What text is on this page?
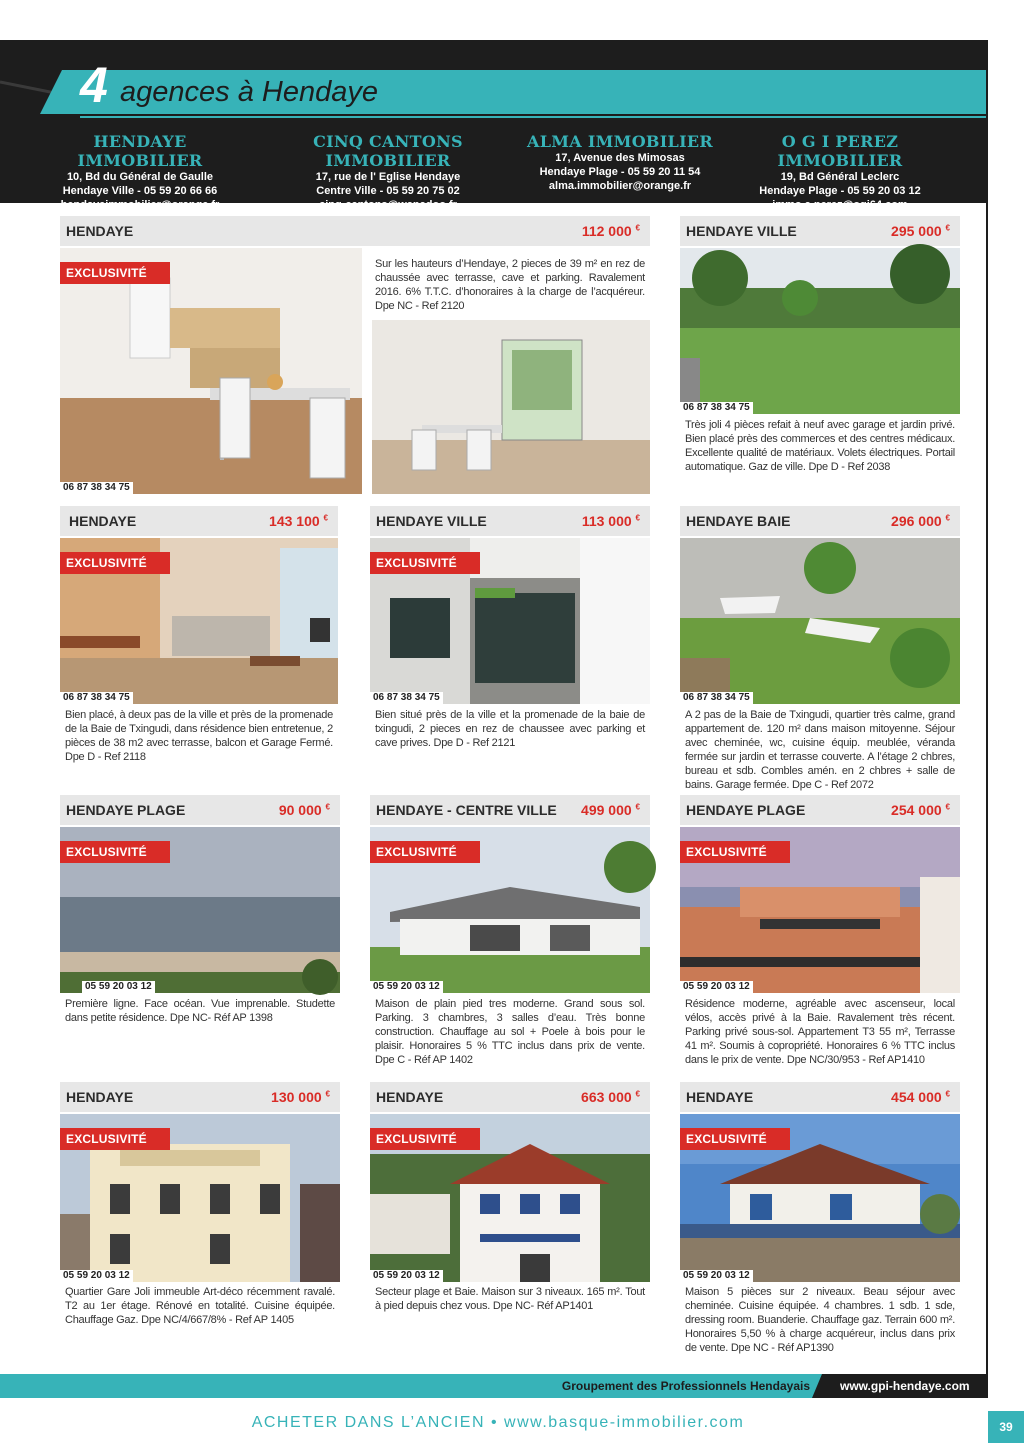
4 agences à Hendaye
HENDAYE IMMOBILIER
10, Bd du Général de Gaulle
Hendaye Ville - 05 59 20 66 66
hendayeimmobilier@orange.fr
CINQ CANTONS IMMOBILIER
17, rue de l' Eglise Hendaye
Centre Ville - 05 59 20 75 02
cinq-cantons@wanadoo.fr
ALMA IMMOBILIER
17, Avenue des Mimosas
Hendaye Plage - 05 59 20 11 54
alma.immobilier@orange.fr
O G I PEREZ IMMOBILIER
19, Bd Général Leclerc
Hendaye Plage - 05 59 20 03 12
immo.a.perez@ogi64.com
HENDAYE	112 000 €
EXCLUSIVITÉ
06 87 38 34 75
Sur les hauteurs d’Hendaye, 2 pieces de 39 m² en rez de chaussée avec terrasse, cave et parking. Ravalement 2016. 6% T.T.C. d’honoraires à la charge de l’acquéreur. Dpe NC - Ref 2120
HENDAYE VILLE	295 000 €
06 87 38 34 75
Très joli 4 pièces refait à neuf avec garage et jardin privé. Bien placé près des commerces et des centres médicaux. Excellente qualité de matériaux. Volets électriques. Portail automatique. Gaz de ville. Dpe D - Ref 2038
HENDAYE	143 100 €
EXCLUSIVITÉ
06 87 38 34 75
Bien placé, à deux pas de la ville et près de la promenade de la Baie de Txingudi, dans résidence bien entretenue, 2 pièces de 38 m2 avec terrasse, balcon et Garage Fermé. Dpe D - Ref 2118
HENDAYE VILLE	113 000 €
EXCLUSIVITÉ
06 87 38 34 75
Bien situé près de la ville et la promenade de la baie de txingudi, 2 pieces en rez de chaussee avec parking et cave prives. Dpe D - Ref 2121
HENDAYE BAIE	296 000 €
06 87 38 34 75
A 2 pas de la Baie de Txingudi, quartier très calme, grand appartement de. 120 m² dans maison mitoyenne. Séjour avec cheminée, wc, cuisine équip. meublée, véranda fermée sur jardin et terrasse couverte. A l’étage 2 chbres, bureau et sdb. Combles amén. en 2 chbres + salle de bains. Garage fermée. Dpe C - Ref 2072
HENDAYE PLAGE	90 000 €
EXCLUSIVITÉ
05 59 20 03 12
Première ligne. Face océan. Vue imprenable. Studette dans petite résidence. Dpe NC- Réf AP 1398
HENDAYE - CENTRE VILLE 499 000 €
EXCLUSIVITÉ
05 59 20 03 12
Maison de plain pied tres moderne. Grand sous sol. Parking. 3 chambres, 3 salles d’eau. Très bonne construction. Chauffage au sol + Poele à bois pour le plaisir. Honoraires 5 % TTC inclus dans prix de vente. Dpe C - Réf AP 1402
HENDAYE PLAGE	254 000 €
EXCLUSIVITÉ
05 59 20 03 12
Résidence moderne, agréable avec ascenseur, local vélos, accès privé à la Baie. Ravalement très récent. Parking privé sous-sol. Appartement T3 55 m², Terrasse 41 m². Soumis à copropriété. Honoraires 6 % TTC inclus dans le prix de vente. Dpe NC/30/953 - Ref AP1410
HENDAYE	130 000 €
EXCLUSIVITÉ
05 59 20 03 12
Quartier Gare Joli immeuble Art-déco récemment ravalé. T2 au 1er étage. Rénové en totalité. Cuisine équipée. Chauffage Gaz. Dpe NC/4/667/8% - Ref AP 1405
HENDAYE	663 000 €
EXCLUSIVITÉ
05 59 20 03 12
Secteur plage et Baie. Maison sur 3 niveaux. 165 m². Tout à pied depuis chez vous. Dpe NC- Réf AP1401
HENDAYE	454 000 €
EXCLUSIVITÉ
05 59 20 03 12
Maison 5 pièces sur 2 niveaux. Beau séjour avec cheminée. Cuisine équipée. 4 chambres. 1 sdb. 1 sde, dressing room. Buanderie. Chauffage gaz. Terrain 600 m². Honoraires 5,50 % à charge acquéreur, inclus dans prix de vente. Dpe NC - Réf AP1390
Groupement des Professionnels Hendayais	www.gpi-hendaye.com
ACHETER DANS L’ANCIEN • www.basque-immobilier.com	39
